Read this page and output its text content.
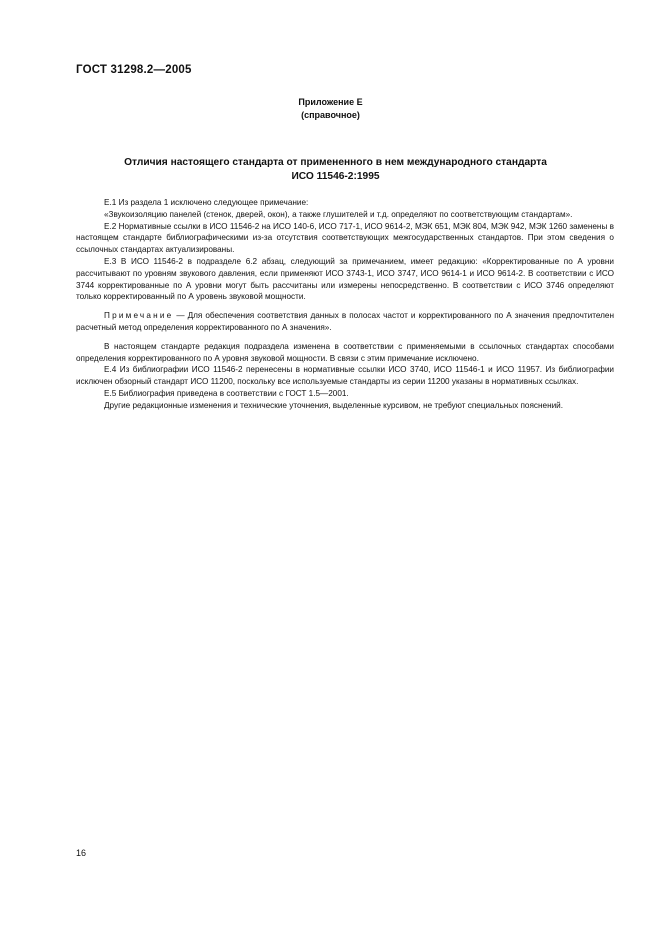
ГОСТ 31298.2—2005
Приложение Е
(справочное)
Отличия настоящего стандарта от примененного в нем международного стандарта
ИСО 11546-2:1995

Е.1 Из раздела 1 исключено следующее примечание:

«Звукоизоляцию панелей (стенок, дверей, окон), а также глушителей и т.д. определяют по соответствующим стандартам».

Е.2 Нормативные ссылки в ИСО 11546-2 на ИСО 140-6, ИСО 717-1, ИСО 9614-2, МЭК 651, МЭК 804, МЭК 942, МЭК 1260 заменены в настоящем стандарте библиографическими из-за отсутствия соответствующих межгосударственных стандартов. При этом сведения о ссылочных стандартах актуализированы.

Е.3 В ИСО 11546-2 в подразделе 6.2 абзац, следующий за примечанием, имеет редакцию: «Корректированные по А уровни рассчитывают по уровням звукового давления, если применяют ИСО 3743-1, ИСО 3747, ИСО 9614-1 и ИСО 9614-2. В соответствии с ИСО 3744 корректированные по А уровни могут быть рассчитаны или измерены непосредственно. В соответствии с ИСО 3746 определяют только корректированный по А уровень звуковой мощности.

Примечание — Для обеспечения соответствия данных в полосах частот и корректированного по А значения предпочтителен расчетный метод определения корректированного по А значения».

В настоящем стандарте редакция подраздела изменена в соответствии с применяемыми в ссылочных стандартах способами определения корректированного по А уровня звуковой мощности. В связи с этим примечание исключено.

Е.4 Из библиографии ИСО 11546-2 перенесены в нормативные ссылки ИСО 3740, ИСО 11546-1 и ИСО 11957. Из библиографии исключен обзорный стандарт ИСО 11200, поскольку все используемые стандарты из серии 11200 указаны в нормативных ссылках.

Е.5 Библиография приведена в соответствии с ГОСТ 1.5—2001.

Другие редакционные изменения и технические уточнения, выделенные курсивом, не требуют специальных пояснений.

16
